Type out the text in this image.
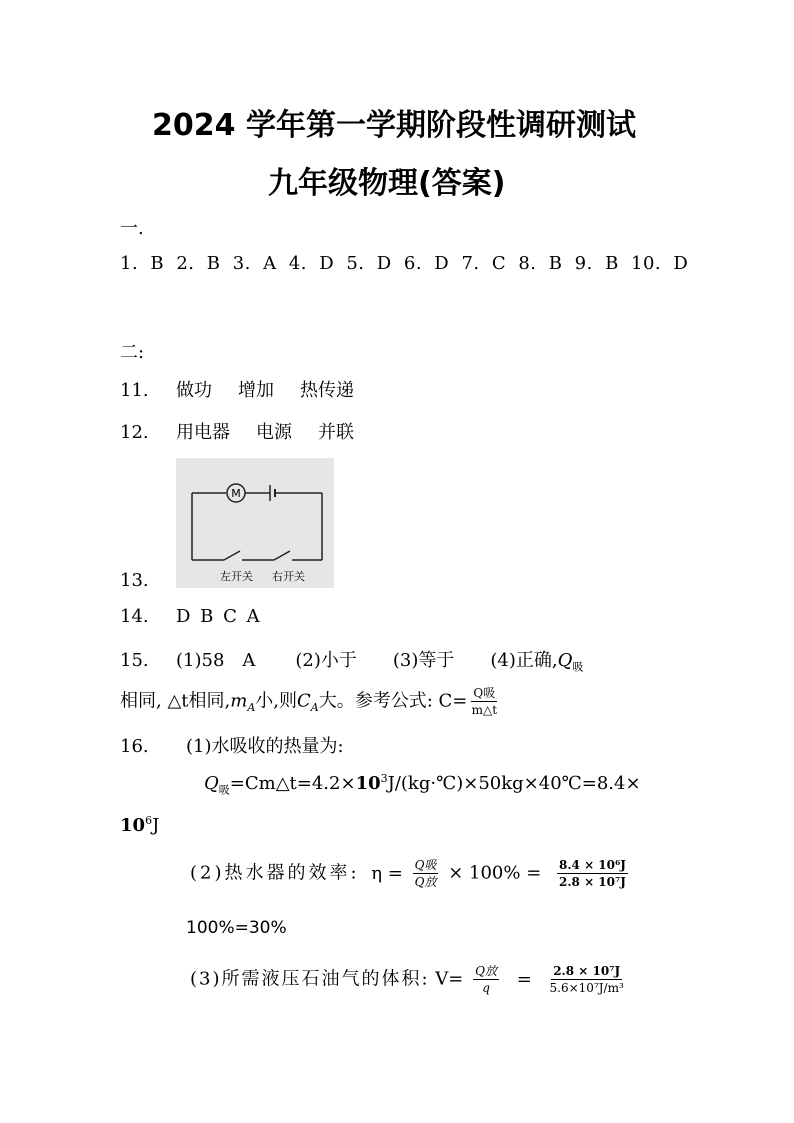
2024 学年第一学期阶段性调研测试
九年级物理(答案)
一.
1. B 2. B 3. A 4. D 5. D 6. D 7. C 8. B 9. B 10. D
二:
11. 做功 增加 热传递
12. 用电器 电源 并联
M
左开关 右开关
13.
14. D B C A
15. (1)58　A (2)小于 (3)等于 (4)正确$,Q_吸$
相同, △t相同$,m_A$小,则$C_A$大。参考公式: $C= \frac{\text{Q吸}}{m\triangle t}$
16. (1)水吸收的热量为:
$Q_吸=Cm\triangle t=4.2\times 10^3J/(kg\cdot℃)\times 50kg\times 40℃=8.4\times$
$10^6J$
(2)热水器的效率: $\eta = \frac{\text{Q吸}}{\text{Q放}} \times 100\% = \frac{\text{8.4 × 10⁶J}}{\text{2.8 × 10⁷J}}$
100%=30%
(3)所需液压石油气的体积: $V= \frac{\text{Q放}}{q} = \frac{\text{2.8 × 10⁷J}}{\text{5.6×10⁷J/m³}}$
